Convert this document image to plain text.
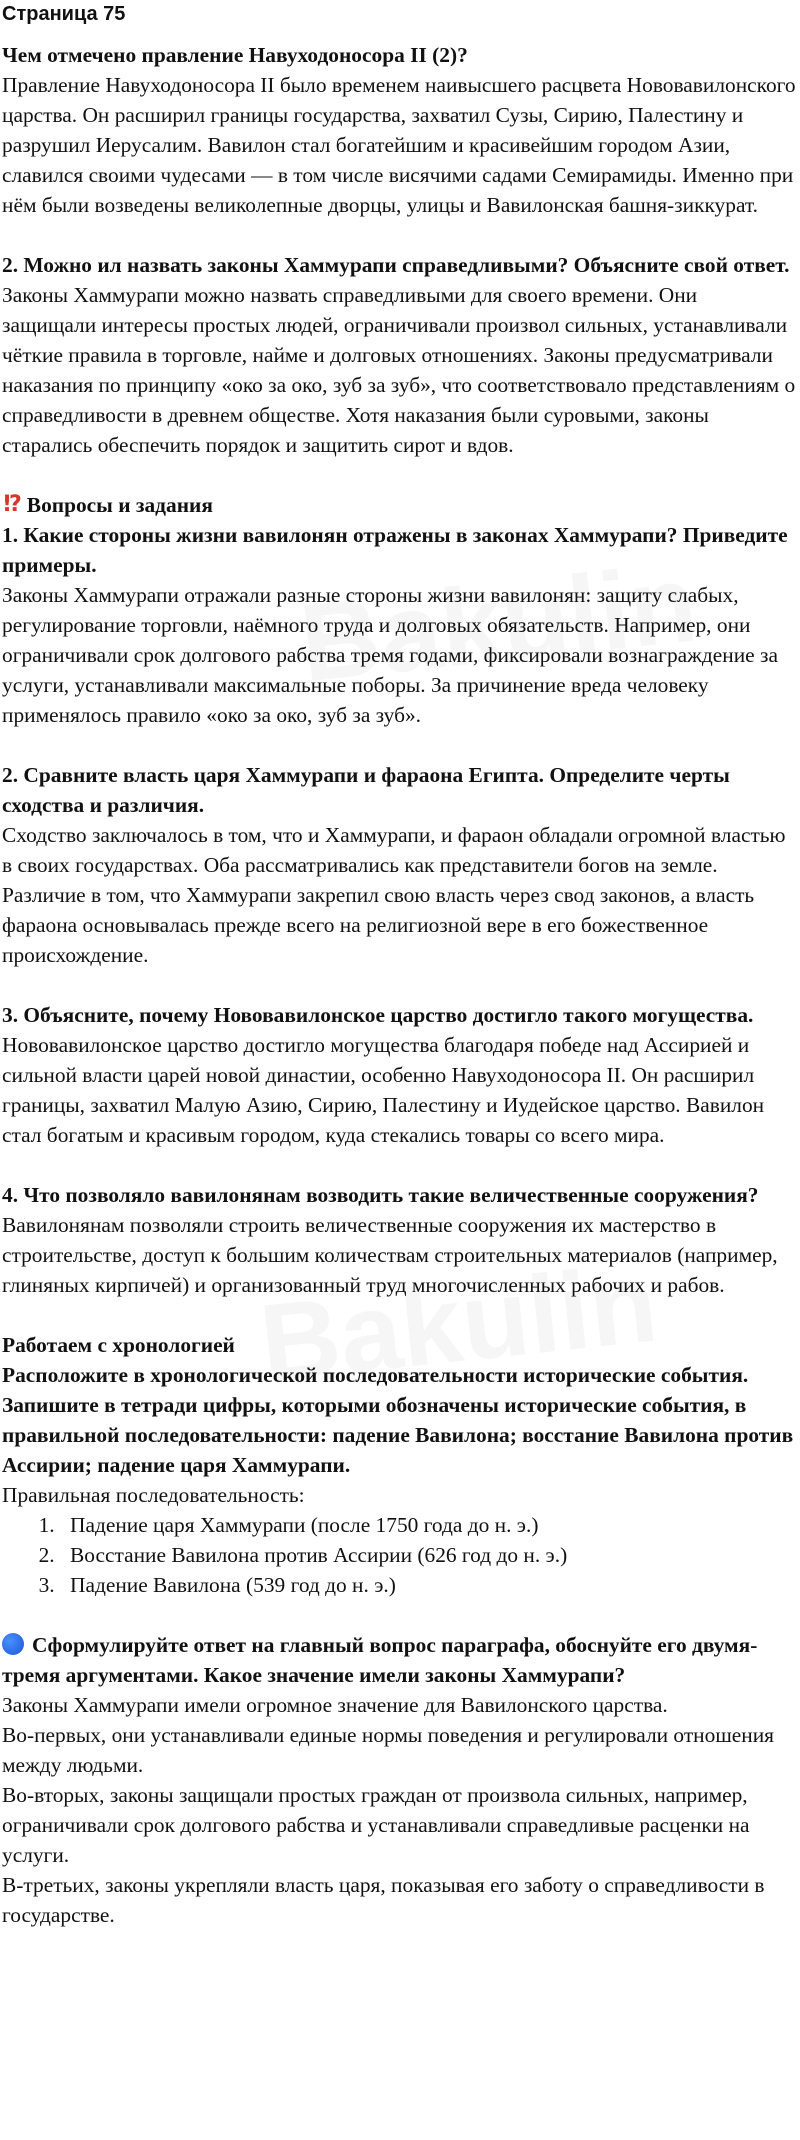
Страница 75

Чем отмечено правление Навуходоносора II (2)?

Правление Навуходоносора II было временем наивысшего расцвета Нововавилонского царства. Он расширил границы государства, захватил Сузы, Сирию, Палестину и разрушил Иерусалим. Вавилон стал богатейшим и красивейшим городом Азии, славился своими чудесами — в том числе висячими садами Семирамиды. Именно при нём были возведены великолепные дворцы, улицы и Вавилонская башня-зиккурат.

2. Можно ил назвать законы Хаммурапи справедливыми? Объясните свой ответ.

Законы Хаммурапи можно назвать справедливыми для своего времени. Они защищали интересы простых людей, ограничивали произвол сильных, устанавливали чёткие правила в торговле, найме и долговых отношениях. Законы предусматривали наказания по принципу «око за око, зуб за зуб», что соответствовало представлениям о справедливости в древнем обществе. Хотя наказания были суровыми, законы старались обеспечить порядок и защитить сирот и вдов.

!? Вопросы и задания

1. Какие стороны жизни вавилонян отражены в законах Хаммурапи? Приведите примеры.

Законы Хаммурапи отражали разные стороны жизни вавилонян: защиту слабых, регулирование торговли, наёмного труда и долговых обязательств. Например, они ограничивали срок долгового рабства тремя годами, фиксировали вознаграждение за услуги, устанавливали максимальные поборы. За причинение вреда человеку применялось правило «око за око, зуб за зуб».

2. Сравните власть царя Хаммурапи и фараона Египта. Определите черты сходства и различия.

Сходство заключалось в том, что и Хаммурапи, и фараон обладали огромной властью в своих государствах. Оба рассматривались как представители богов на земле. Различие в том, что Хаммурапи закрепил свою власть через свод законов, а власть фараона основывалась прежде всего на религиозной вере в его божественное происхождение.

3. Объясните, почему Нововавилонское царство достигло такого могущества.

Нововавилонское царство достигло могущества благодаря победе над Ассирией и сильной власти царей новой династии, особенно Навуходоносора II. Он расширил границы, захватил Малую Азию, Сирию, Палестину и Иудейское царство. Вавилон стал богатым и красивым городом, куда стекались товары со всего мира.

4. Что позволяло вавилонянам возводить такие величественные сооружения?

Вавилонянам позволяли строить величественные сооружения их мастерство в строительстве, доступ к большим количествам строительных материалов (например, глиняных кирпичей) и организованный труд многочисленных рабочих и рабов.

Работаем с хронологией

Расположите в хронологической последовательности исторические события. Запишите в тетради цифры, которыми обозначены исторические события, в правильной последовательности: падение Вавилона; восстание Вавилона против Ассирии; падение царя Хаммурапи.

Правильная последовательность:

1. Падение царя Хаммурапи (после 1750 года до н. э.)
2. Восстание Вавилона против Ассирии (626 год до н. э.)
3. Падение Вавилона (539 год до н. э.)

Сформулируйте ответ на главный вопрос параграфа, обоснуйте его двумя-тремя аргументами. Какое значение имели законы Хаммурапи?

Законы Хаммурапи имели огромное значение для Вавилонского царства.

Во-первых, они устанавливали единые нормы поведения и регулировали отношения между людьми.

Во-вторых, законы защищали простых граждан от произвола сильных, например, ограничивали срок долгового рабства и устанавливали справедливые расценки на услуги.

В-третьих, законы укрепляли власть царя, показывая его заботу о справедливости в государстве.
